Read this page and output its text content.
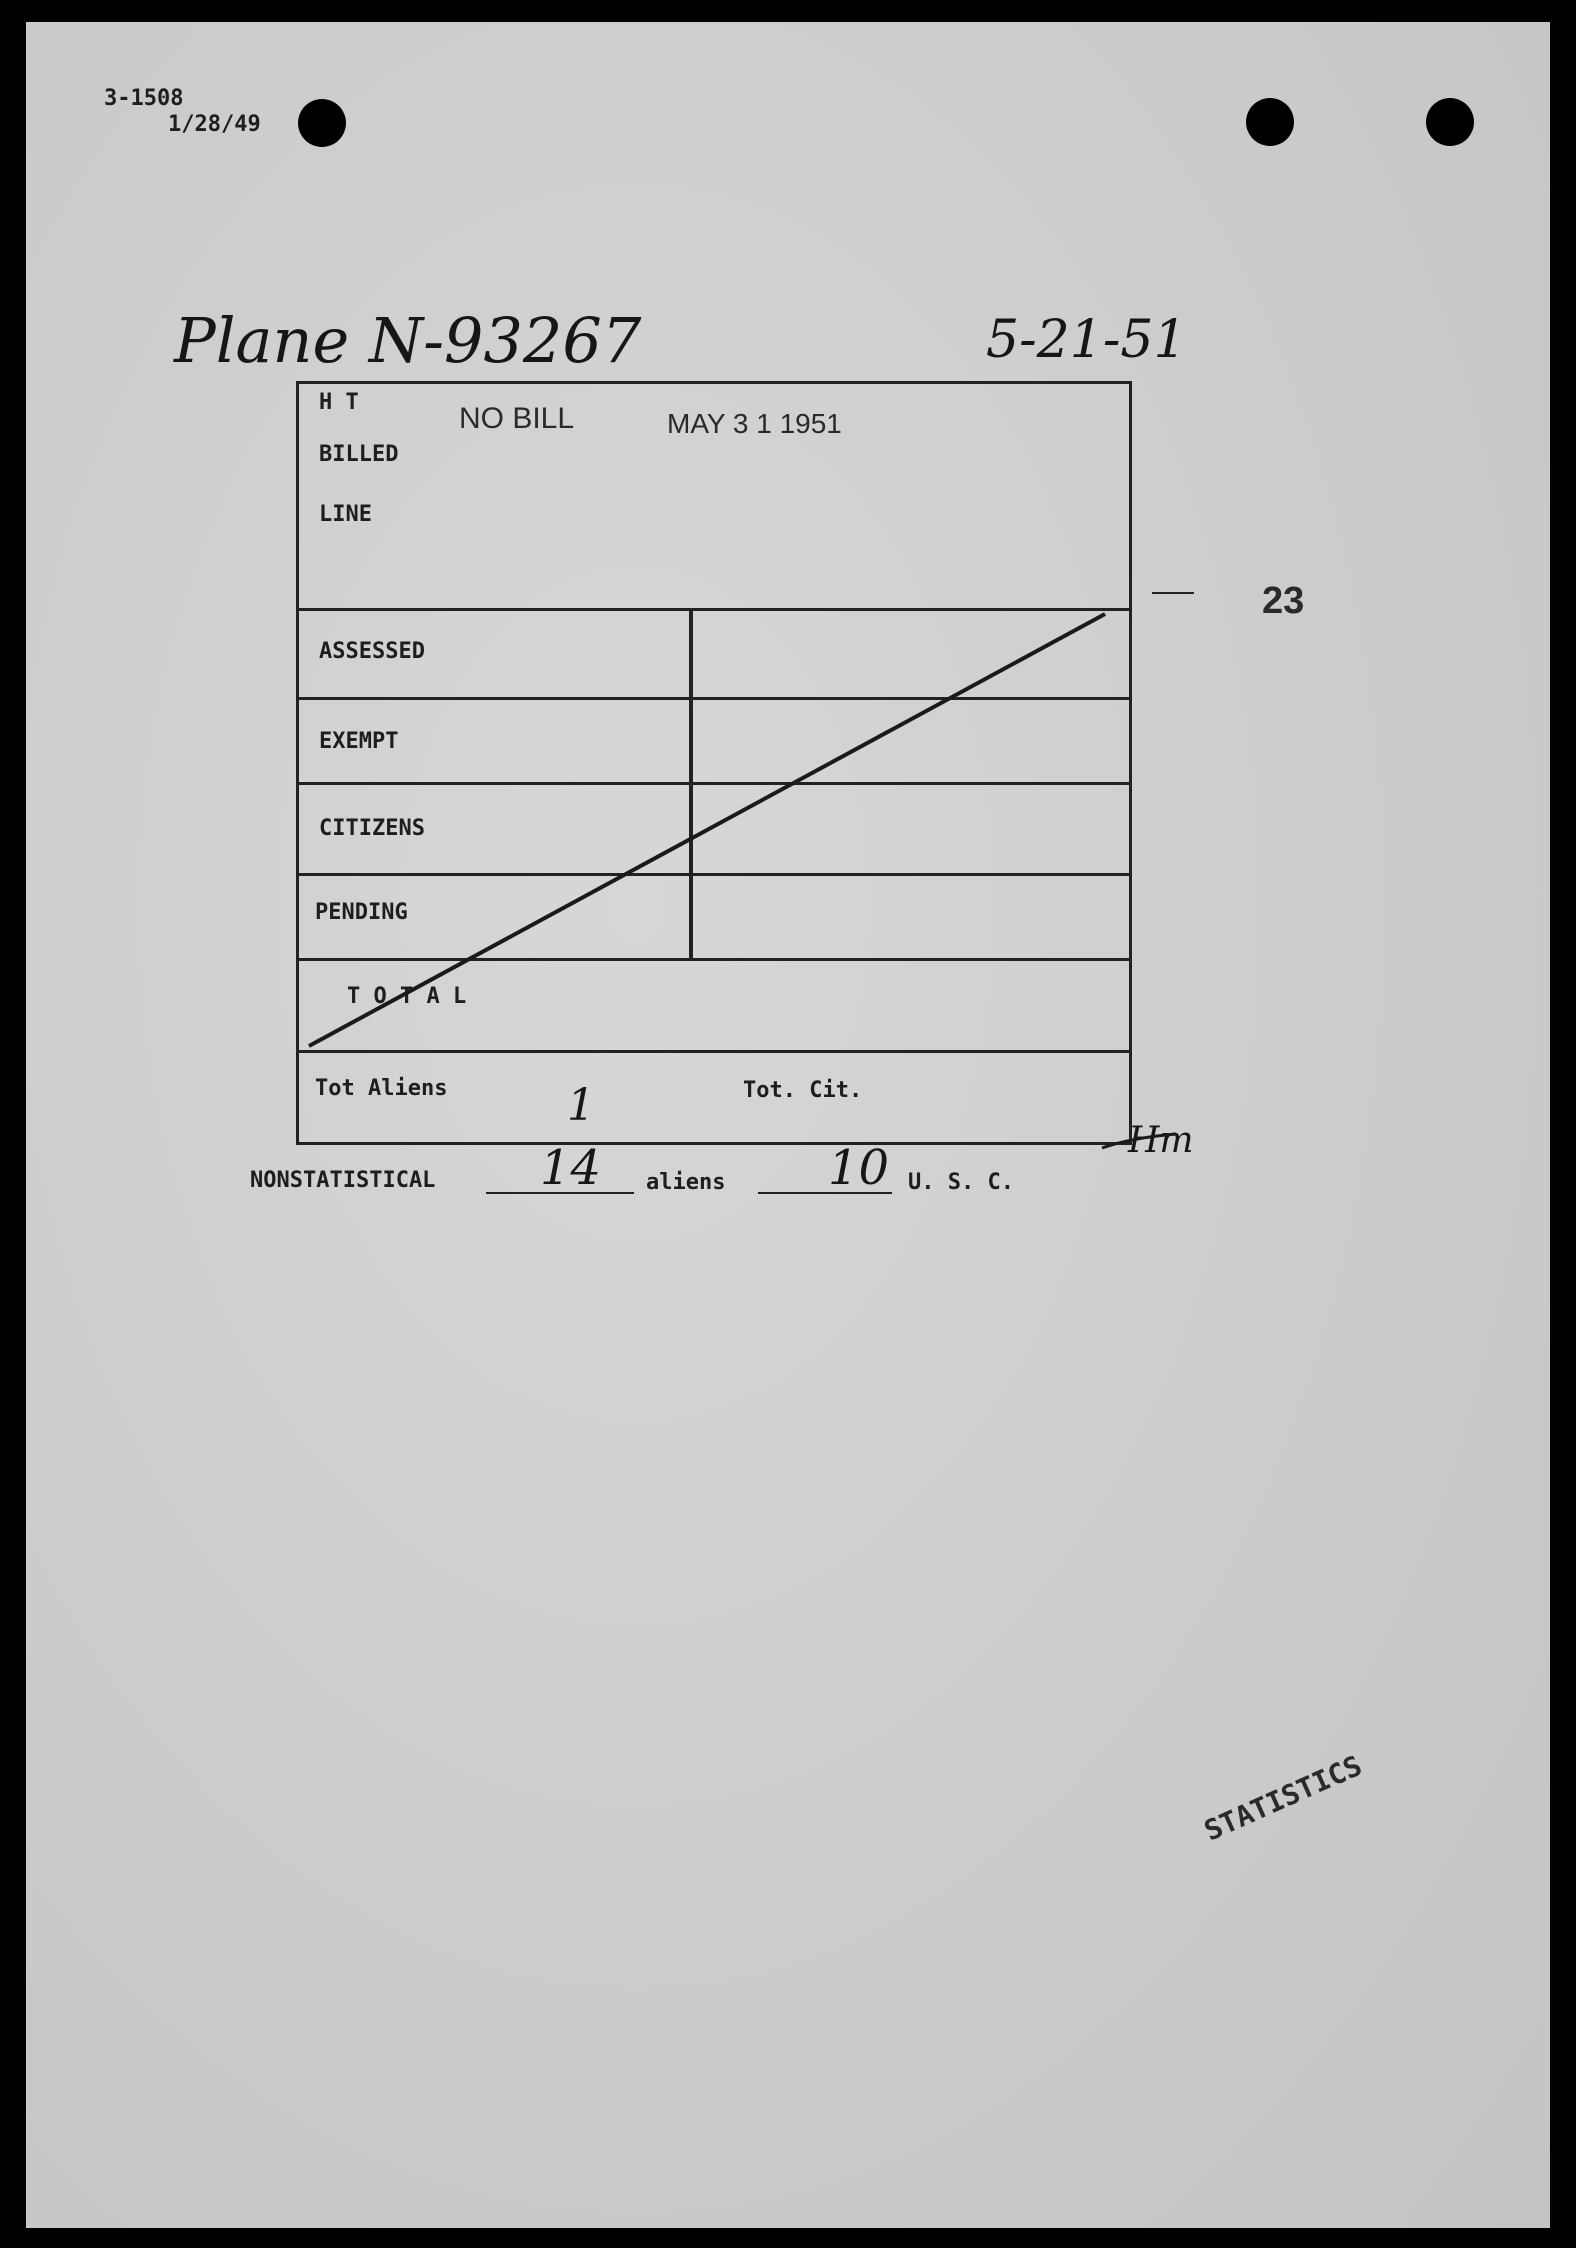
3-1508
1/28/49
Plane N-93267	5-21-51
23
H T
BILLED
LINE
NO BILL	MAY 3 1 1951
ASSESSED
EXEMPT
CITIZENS
PENDING
T O T A L
Tot Aliens	Tot. Cit.
1
Hm
NONSTATISTICAL 14 aliens 10 U. S. C.
STATISTICS
